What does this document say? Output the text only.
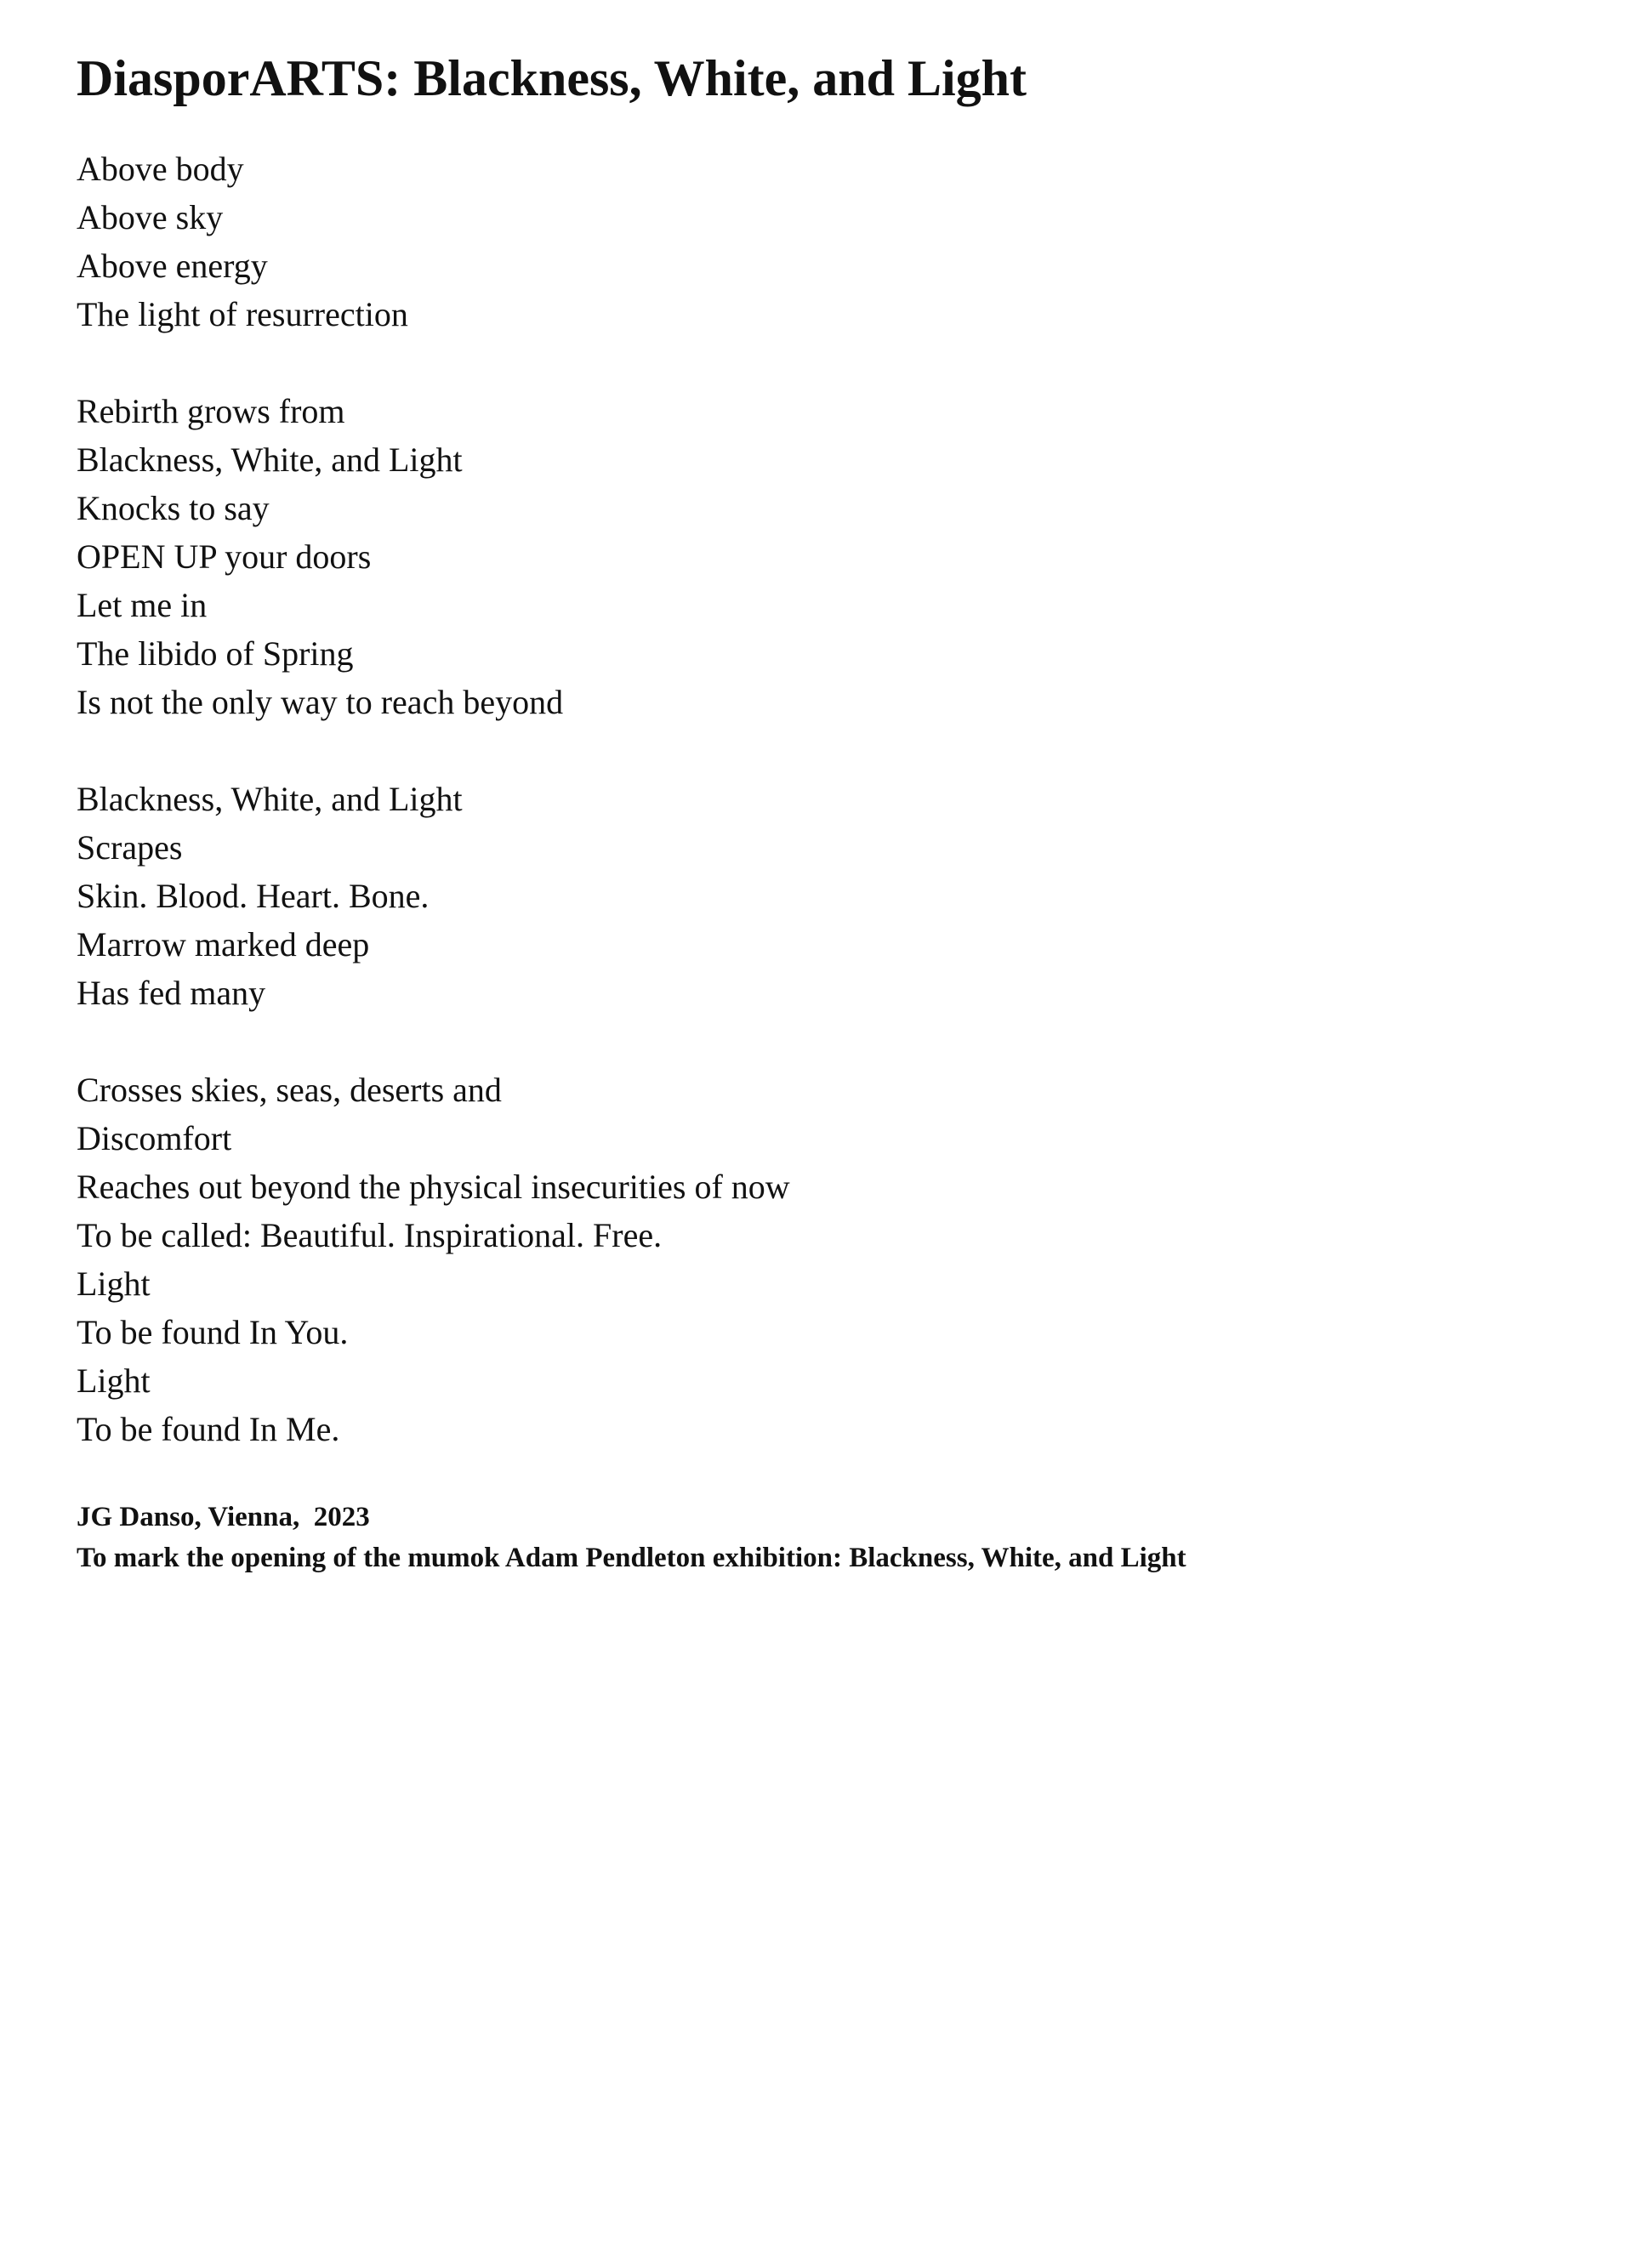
DiasporARTS: Blackness, White, and Light
Above body
Above sky
Above energy
The light of resurrection
Rebirth grows from
Blackness, White, and Light
Knocks to say
OPEN UP your doors
Let me in
The libido of Spring
Is not the only way to reach beyond
Blackness, White, and Light
Scrapes
Skin. Blood. Heart. Bone.
Marrow marked deep
Has fed many
Crosses skies, seas, deserts and
Discomfort
Reaches out beyond the physical insecurities of now
To be called: Beautiful. Inspirational. Free.
Light
To be found In You.
Light
To be found In Me.
JG Danso, Vienna,  2023
To mark the opening of the mumok Adam Pendleton exhibition: Blackness, White, and Light
